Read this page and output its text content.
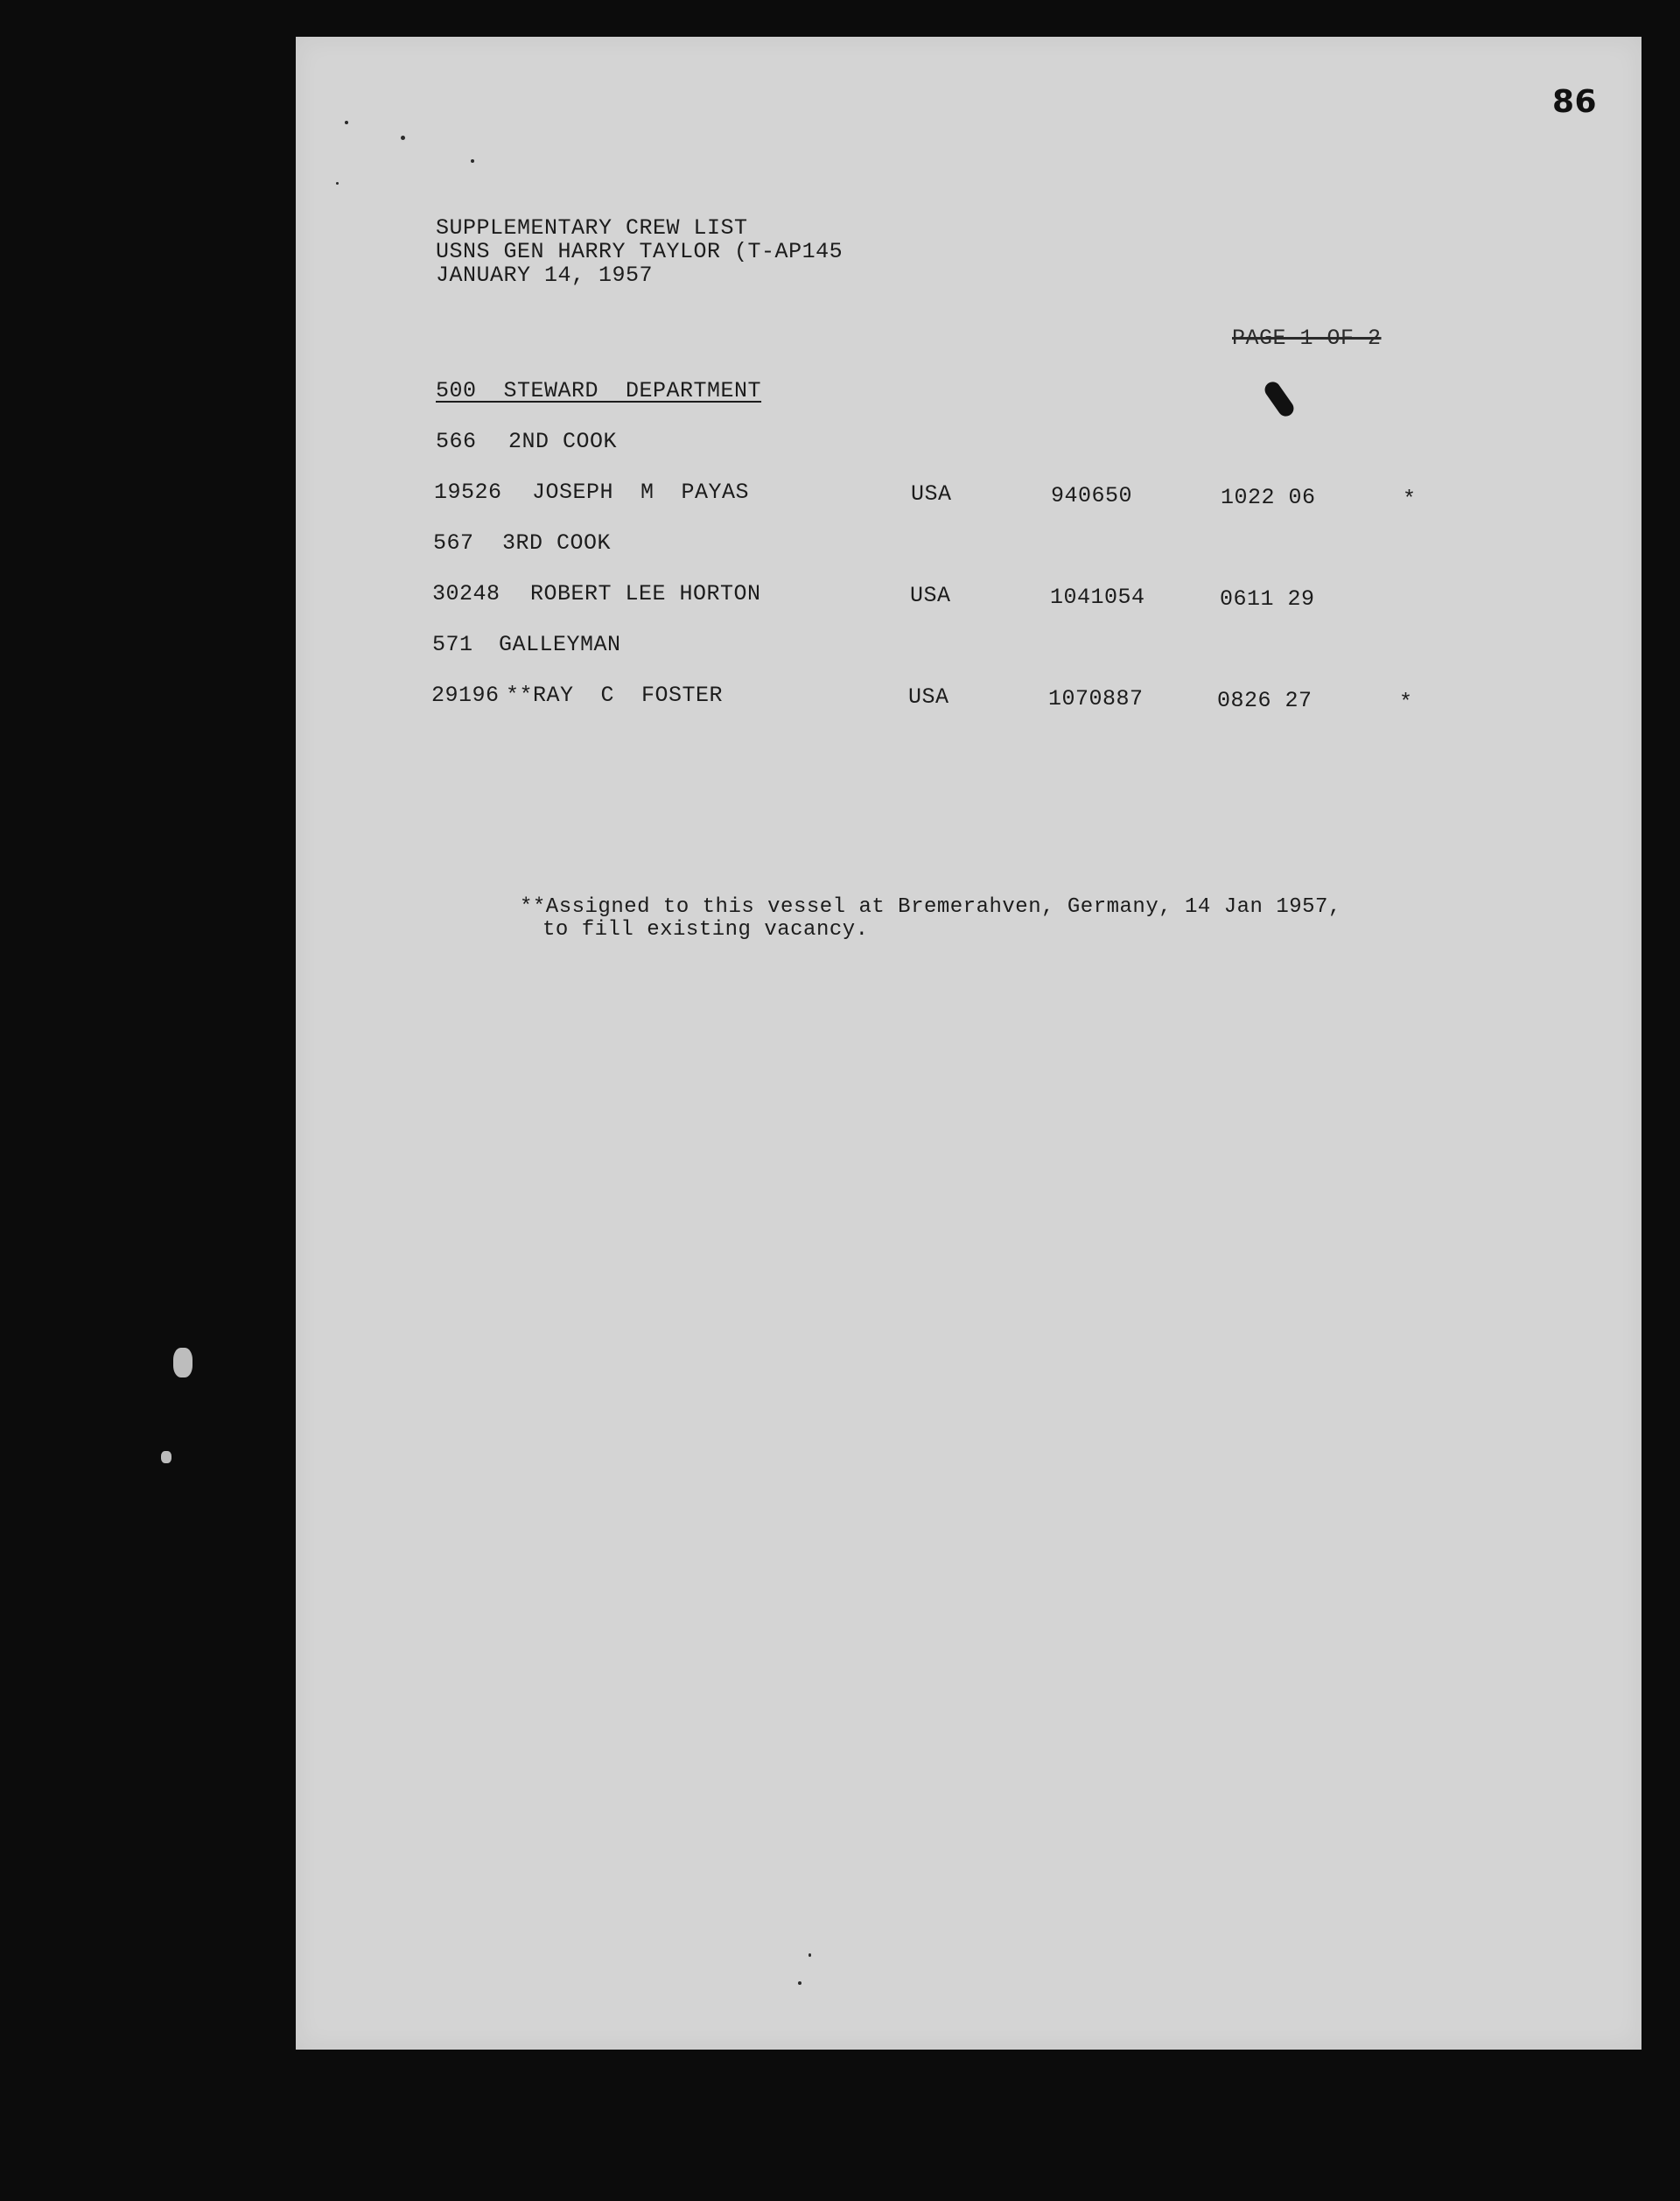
86
SUPPLEMENTARY CREW LIST
USNS GEN HARRY TAYLOR (T-AP145
JANUARY 14, 1957
PAGE 1 OF 2
500  STEWARD  DEPARTMENT
566 2ND COOK
19526 JOSEPH  M  PAYAS	USA	940650	1022 06	*
567 3RD COOK
30248 ROBERT LEE HORTON	USA	1041054	0611 29
571 GALLEYMAN
29196 **RAY  C  FOSTER	USA	1070887	0826 27	*
**Assigned to this vessel at Bremerahven, Germany, 14 Jan 1957,
to fill existing vacancy.
